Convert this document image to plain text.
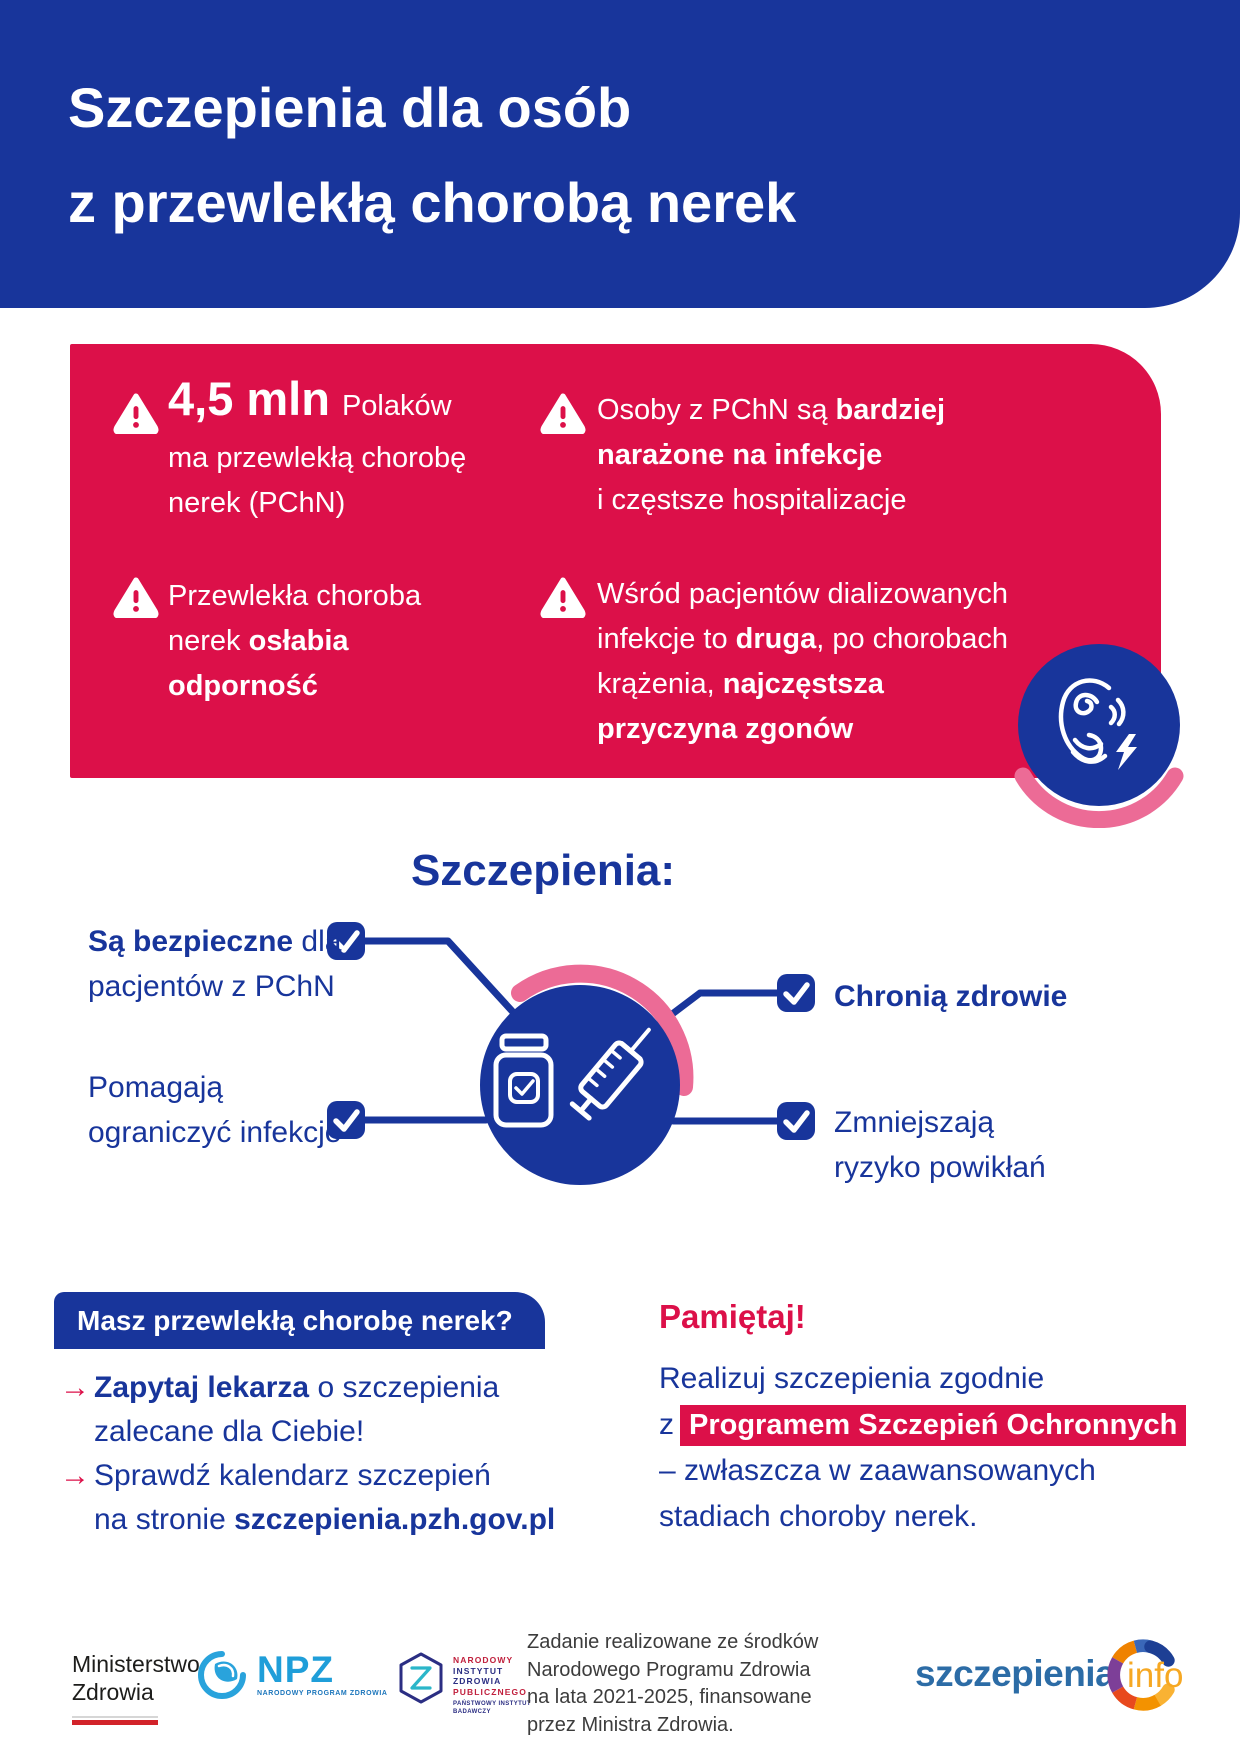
Szczepienia dla osób
z przewlekłą chorobą nerek
4,5 mln Polaków
ma przewlekłą chorobę
nerek (PChN)
Osoby z PChN są bardziej
narażone na infekcje
i częstsze hospitalizacje
Przewlekła choroba
nerek osłabia
odporność
Wśród pacjentów dializowanych
infekcje to druga, po chorobach
krążenia, najczęstsza
przyczyna zgonów
Szczepienia:
Są bezpieczne dla
pacjentów z PChN
Pomagają
ograniczyć infekcje
Chronią zdrowie
Zmniejszają
ryzyko powikłań
Masz przewlekłą chorobę nerek?
→ Zapytaj lekarza o szczepienia
zalecane dla Ciebie!
→ Sprawdź kalendarz szczepień
na stronie szczepienia.pzh.gov.pl
Pamiętaj!
Realizuj szczepienia zgodnie
z Programem Szczepień Ochronnych
– zwłaszcza w zaawansowanych
stadiach choroby nerek.
Ministerstwo
Zdrowia
NPZ
NARODOWY PROGRAM ZDROWIA
NARODOWY
INSTYTUT
ZDROWIA
PUBLICZNEGO
PAŃSTWOWY INSTYTUT
BADAWCZY
Zadanie realizowane ze środków
Narodowego Programu Zdrowia
na lata 2021-2025, finansowane
przez Ministra Zdrowia.
szczepienia info
